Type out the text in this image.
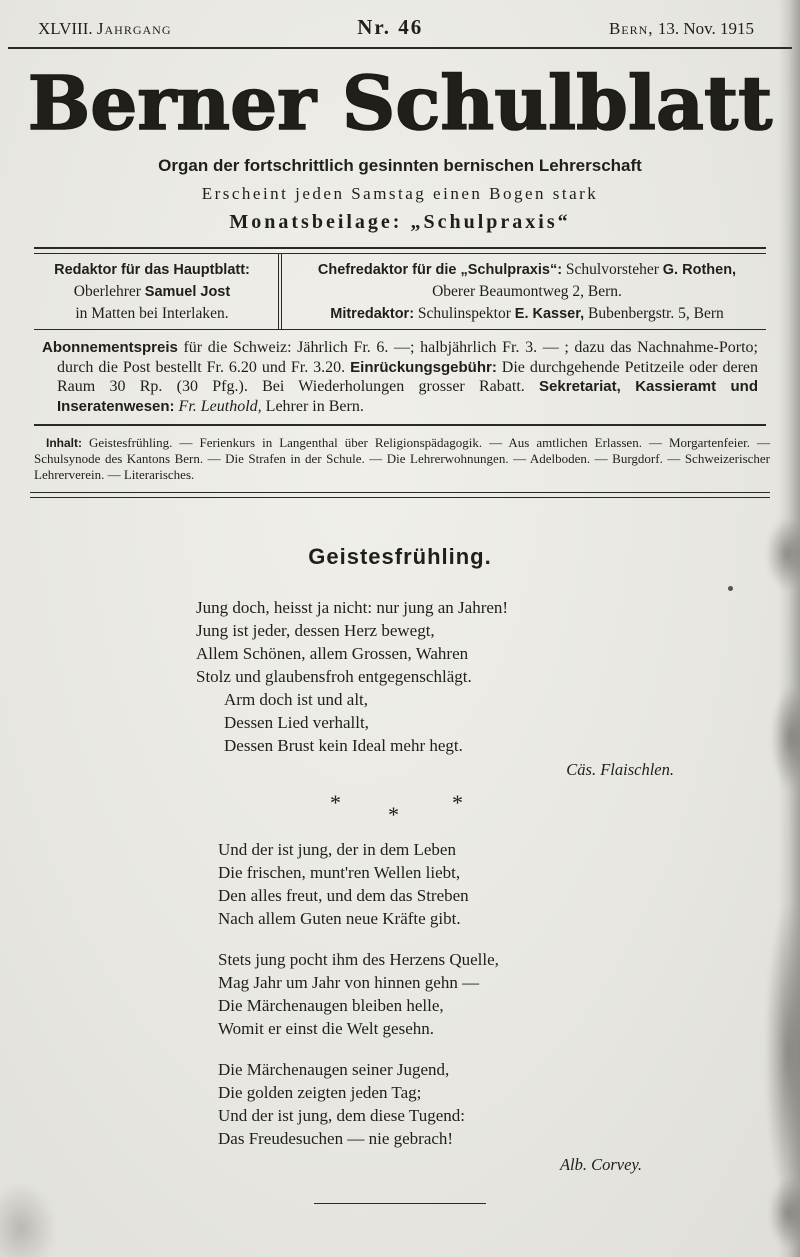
XLVIII. Jahrgang	Nr. 46	Bern, 13. Nov. 1915
Berner Schulblatt
Organ der fortschrittlich gesinnten bernischen Lehrerschaft
Erscheint jeden Samstag einen Bogen stark
Monatsbeilage: „Schulpraxis“
Redaktor für das Hauptblatt:
Oberlehrer Samuel Jost
in Matten bei Interlaken.
Chefredaktor für die „Schulpraxis“: Schulvorsteher G. Rothen,
Oberer Beaumontweg 2, Bern.
Mitredaktor: Schulinspektor E. Kasser, Bubenbergstr. 5, Bern

Abonnementspreis für die Schweiz: Jährlich Fr. 6. —; halbjährlich Fr. 3. — ; dazu das Nachnahme-Porto; durch die Post bestellt Fr. 6.20 und Fr. 3.20. Einrückungsgebühr: Die durchgehende Petitzeile oder deren Raum 30 Rp. (30 Pfg.). Bei Wiederholungen grosser Rabatt. Sekretariat, Kassieramt und Inseratenwesen: Fr. Leuthold, Lehrer in Bern.

Inhalt: Geistesfrühling. — Ferienkurs in Langenthal über Religionspädagogik. — Aus amtlichen Erlassen. — Morgartenfeier. — Schulsynode des Kantons Bern. — Die Strafen in der Schule. — Die Lehrerwohnungen. — Adelboden. — Burgdorf. — Schweizerischer Lehrerverein. — Literarisches.

Geistesfrühling.
Jung doch, heisst ja nicht: nur jung an Jahren!
Jung ist jeder, dessen Herz bewegt,
Allem Schönen, allem Grossen, Wahren
Stolz und glaubensfroh entgegenschlägt.
Arm doch ist und alt,
Dessen Lied verhallt,
Dessen Brust kein Ideal mehr hegt.
Cäs. Flaischlen.
* * *
Und der ist jung, der in dem Leben
Die frischen, munt'ren Wellen liebt,
Den alles freut, und dem das Streben
Nach allem Guten neue Kräfte gibt.
Stets jung pocht ihm des Herzens Quelle,
Mag Jahr um Jahr von hinnen gehn —
Die Märchenaugen bleiben helle,
Womit er einst die Welt gesehn.
Die Märchenaugen seiner Jugend,
Die golden zeigten jeden Tag;
Und der ist jung, dem diese Tugend:
Das Freudesuchen — nie gebrach!
Alb. Corvey.
